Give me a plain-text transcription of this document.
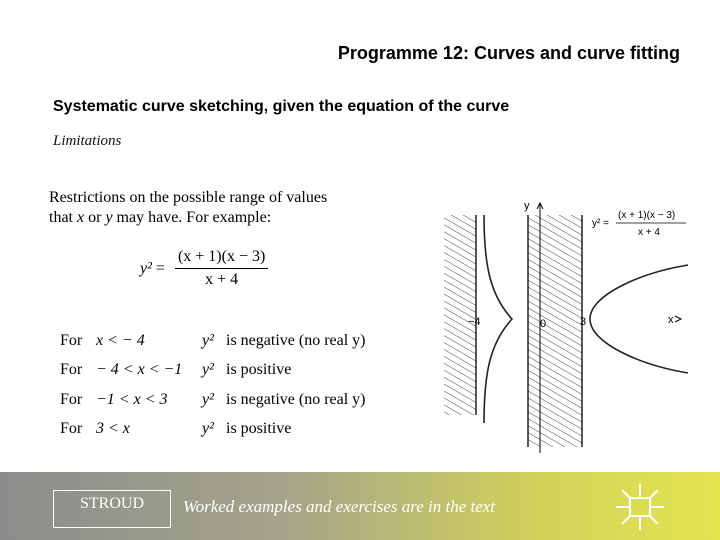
Programme 12: Curves and curve fitting
Systematic curve sketching, given the equation of the curve
Limitations
Restrictions on the possible range of values
that x or y may have. For example:
$y^2 = \frac{(x + 1)(x - 3)}{x + 4}$
For x < − 4	y² is negative (no real y)
For − 4 < x < −1	y² is positive
For −1 < x < 3	y² is negative (no real y)
For 3 < x	y² is positive
y
x
−4	0	3
y² =
(x + 1)(x − 3)
x + 4
STROUD	Worked examples and exercises are in the text
